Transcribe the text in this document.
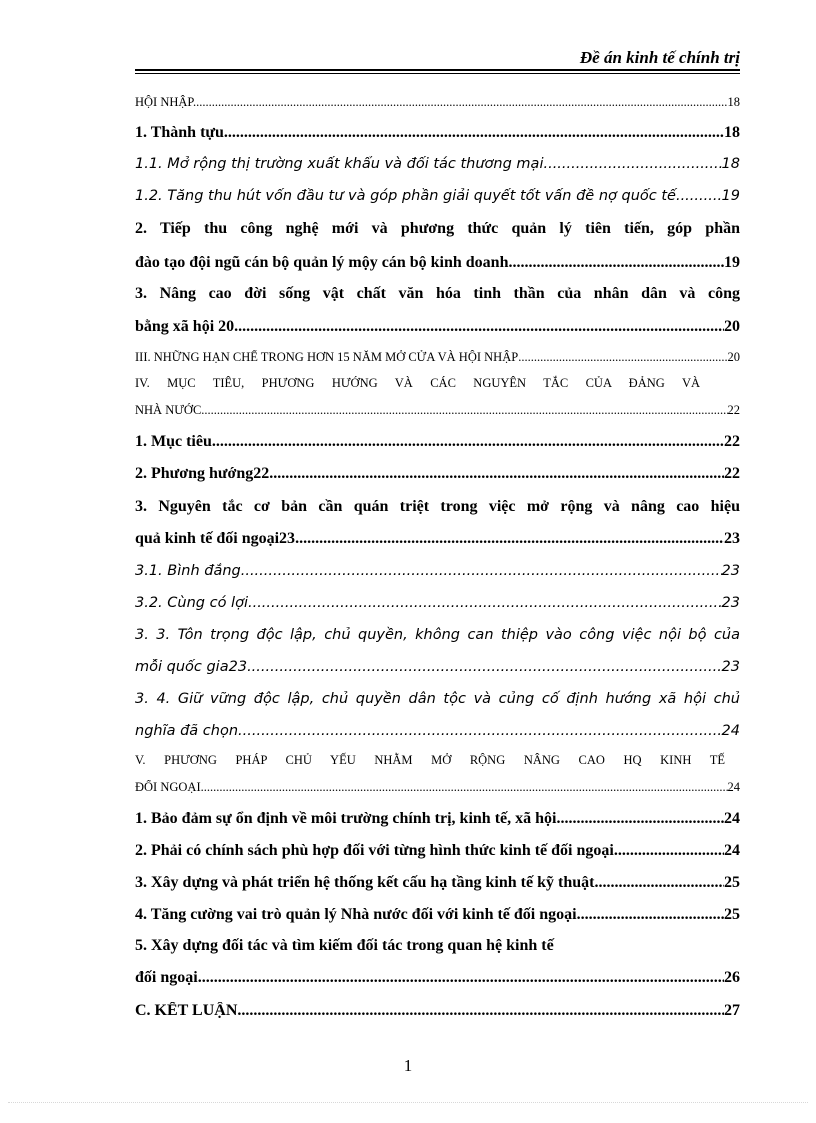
Đề án kinh tế chính trị
HỘI NHẬP. .....	18
1. Thành tựu .....	18
1.1. Mở rộng thị trường xuất khẩu và đối tác thương mại .....	18
1.2. Tăng thu hút vốn đầu tư và góp phần giải quyết tốt vấn đề nợ quốc tế .....	19
2. Tiếp thu công nghệ mới và phương thức quản lý tiên tiến, góp phần
đào tạo đội ngũ cán bộ quản lý mộy cán bộ kinh doanh .....	19
3. Nâng cao đời sống vật chất văn hóa tinh thần của nhân dân và công
bằng xã hội 20 .....	20
III. NHỮNG HẠN CHẾ TRONG HƠN 15 NĂM MỞ CỬA VÀ HỘI NHẬP .....	20
IV. MỤC TIÊU, PHƯƠNG HƯỚNG VÀ CÁC NGUYÊN TẮC CỦA ĐẢNG VÀ
NHÀ NƯỚC .....	22
1. Mục tiêu .....	22
2. Phương hướng22 .....	22
3. Nguyên tắc cơ bản cần quán triệt trong việc mở rộng và nâng cao hiệu
quả kinh tế đối ngoại23 .....	23
3.1. Bình đẳng .....	23
3.2. Cùng có lợi .....	23
3. 3. Tôn trọng độc lập, chủ quyền, không can thiệp vào công việc nội bộ của
mỗi quốc gia23 .....	23
3. 4. Giữ vững độc lập, chủ quyền dân tộc và củng cố định hướng xã hội chủ
nghĩa đã chọn. .....	24
V. PHƯƠNG PHÁP CHỦ YẾU NHẰM MỞ RỘNG NÂNG CAO HQ KINH TẾ
ĐỐI NGOẠI .....	24
1. Bảo đảm sự ổn định về môi trường chính trị, kinh tế, xã hội .....	24
2. Phải có chính sách phù hợp đối với từng hình thức kinh tế đối ngoại .....	24
3. Xây dựng và phát triển hệ thống kết cấu hạ tầng kinh tế kỹ thuật .....	25
4. Tăng cường vai trò quản lý Nhà nước đối với kinh tế đối ngoại .....	25
5. Xây dựng đối tác và tìm kiếm đối tác trong quan hệ kinh tế
đối ngoại .....	26
C. KẾT LUẬN .....	27
1
